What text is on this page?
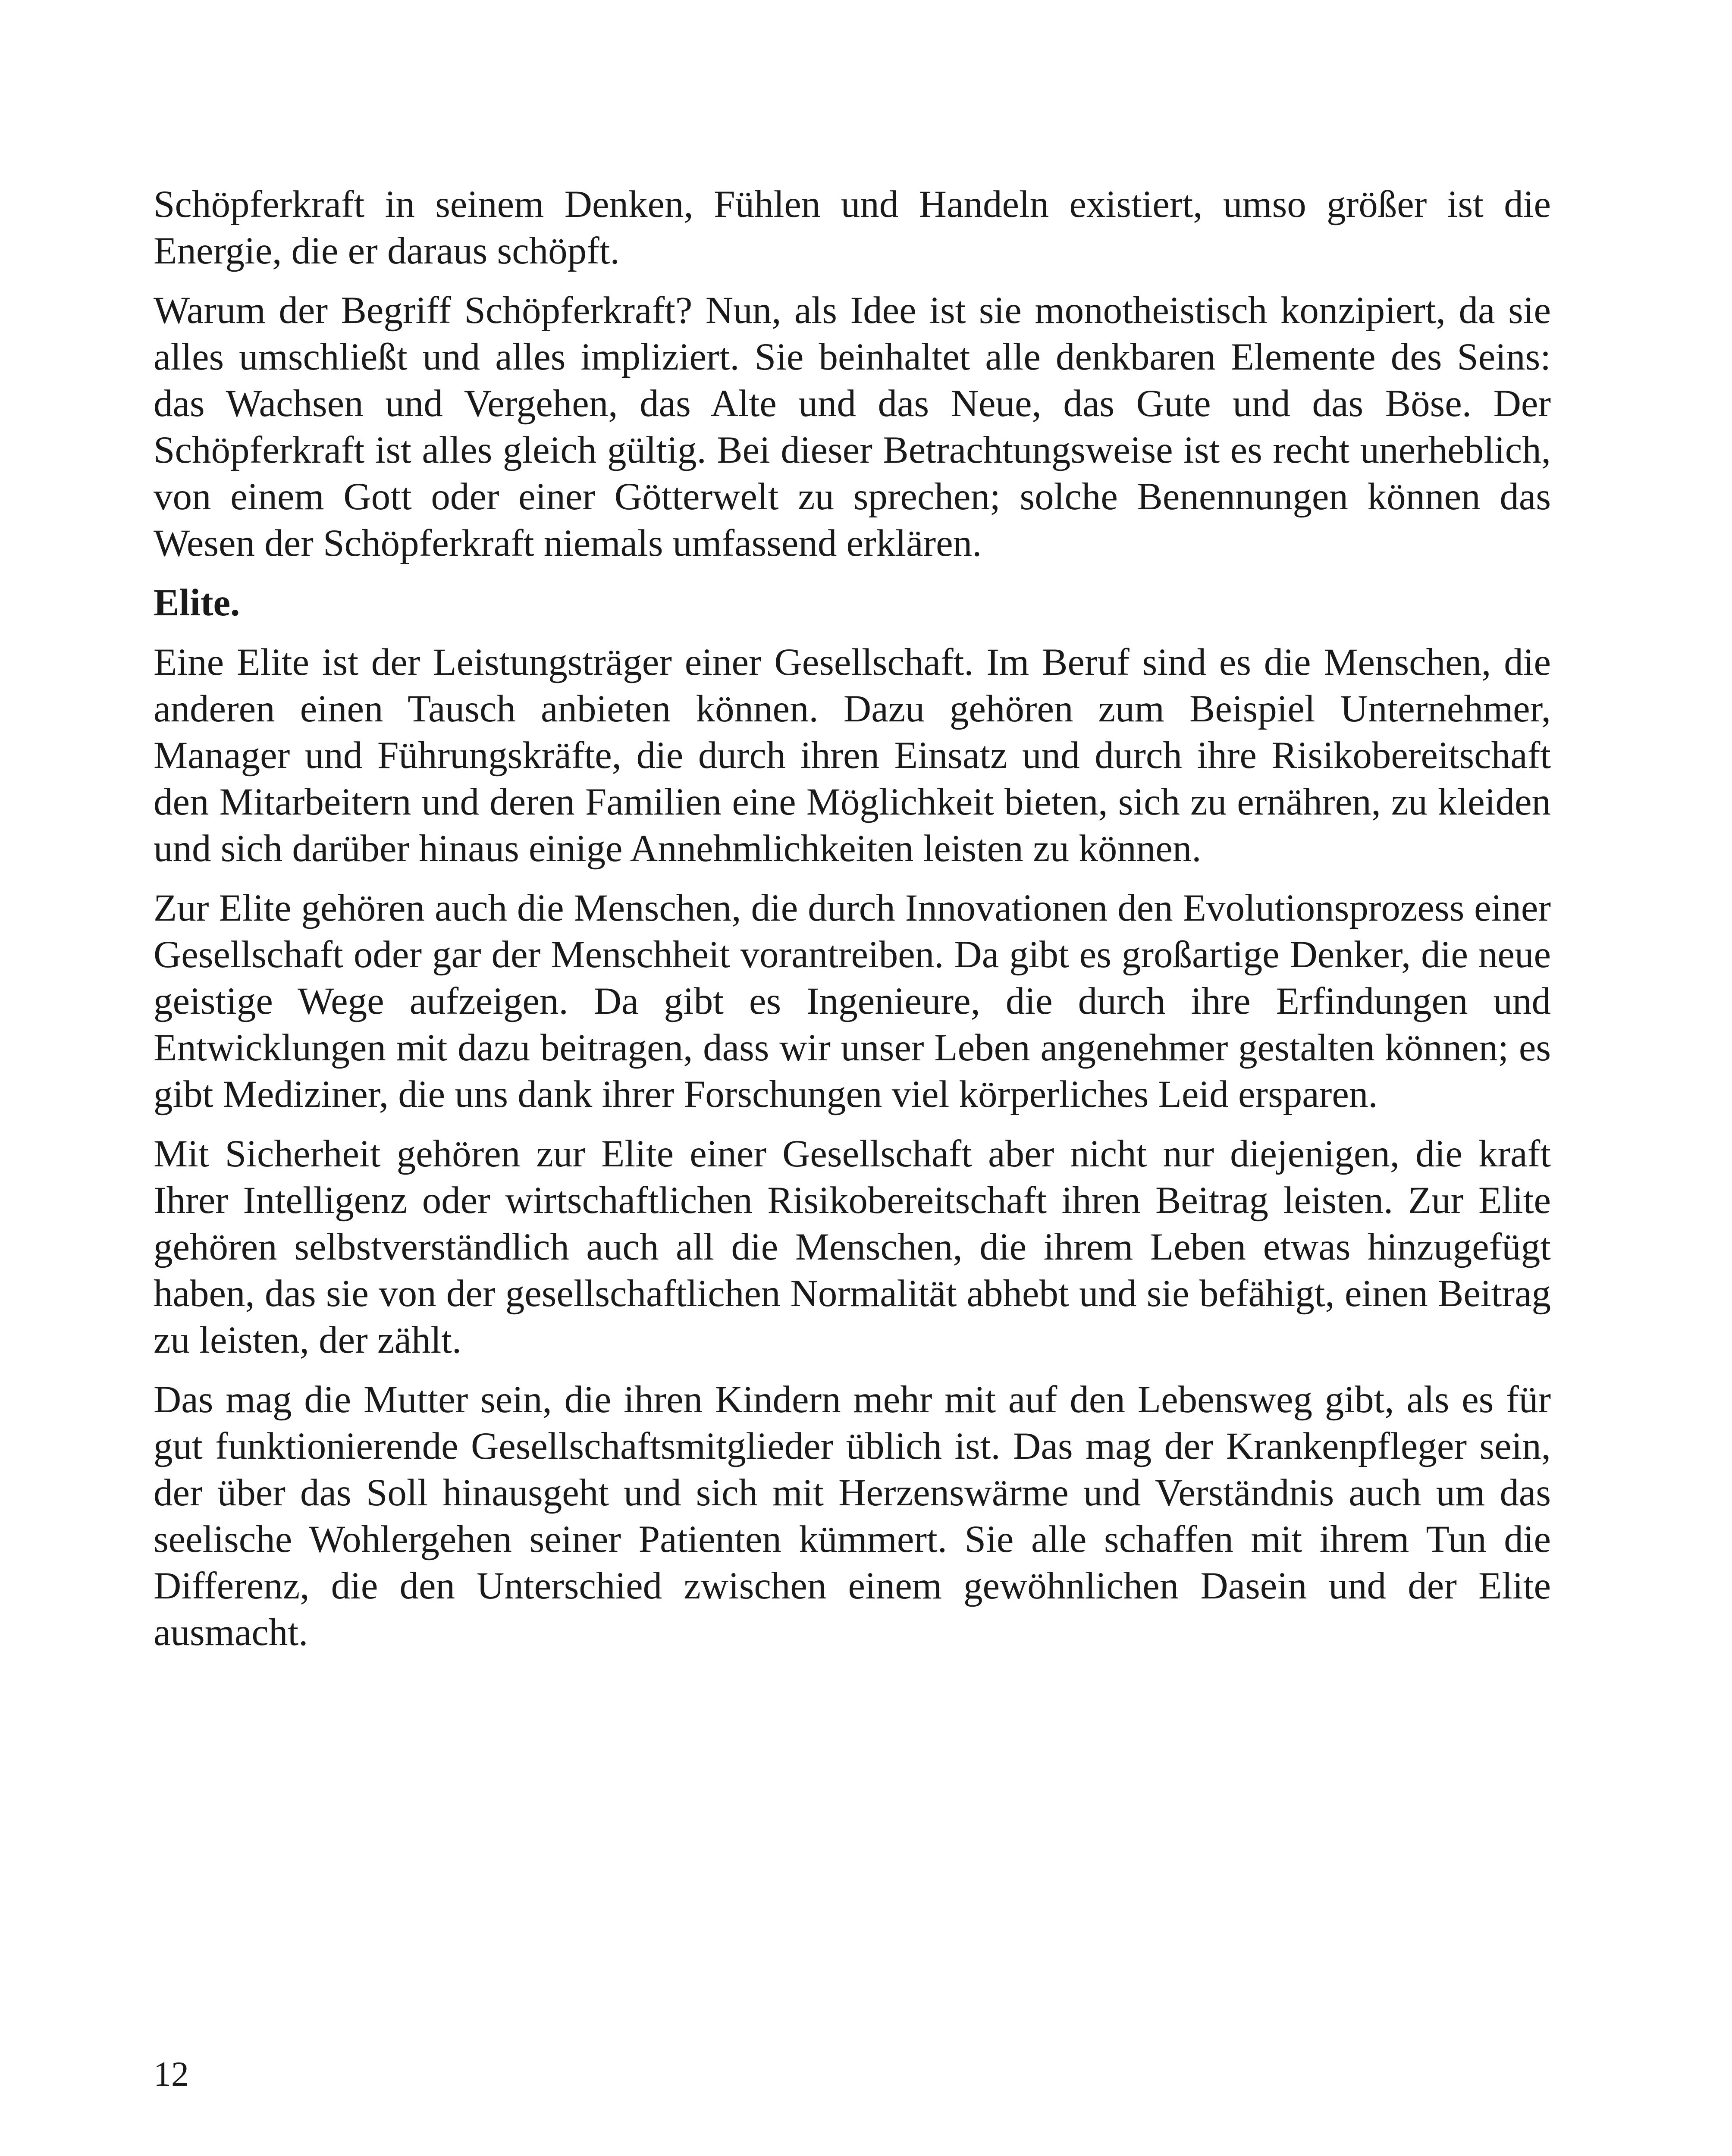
Schöpferkraft in seinem Denken, Fühlen und Handeln existiert, umso größer ist die Energie, die er daraus schöpft.

Warum der Begriff Schöpferkraft? Nun, als Idee ist sie monotheistisch konzipiert, da sie alles umschließt und alles impliziert. Sie beinhaltet alle denkbaren Elemente des Seins: das Wachsen und Vergehen, das Alte und das Neue, das Gute und das Böse. Der Schöpferkraft ist alles gleich gültig. Bei dieser Betrachtungsweise ist es recht unerheblich, von einem Gott oder einer Götterwelt zu sprechen; solche Benennungen können das Wesen der Schöpferkraft niemals umfassend erklären.

Elite.

Eine Elite ist der Leistungsträger einer Gesellschaft. Im Beruf sind es die Menschen, die anderen einen Tausch anbieten können. Dazu gehören zum Beispiel Unternehmer, Manager und Führungskräfte, die durch ihren Einsatz und durch ihre Risikobereitschaft den Mitarbeitern und deren Familien eine Möglichkeit bieten, sich zu ernähren, zu kleiden und sich darüber hinaus einige Annehmlichkeiten leisten zu können.

Zur Elite gehören auch die Menschen, die durch Innovationen den Evolutionsprozess einer Gesellschaft oder gar der Menschheit vorantreiben. Da gibt es großartige Denker, die neue geistige Wege aufzeigen. Da gibt es Ingenieure, die durch ihre Erfindungen und Entwicklungen mit dazu beitragen, dass wir unser Leben angenehmer gestalten können; es gibt Mediziner, die uns dank ihrer Forschungen viel körperliches Leid ersparen.

Mit Sicherheit gehören zur Elite einer Gesellschaft aber nicht nur diejenigen, die kraft Ihrer Intelligenz oder wirtschaftlichen Risikobereitschaft ihren Beitrag leisten. Zur Elite gehören selbstverständlich auch all die Menschen, die ihrem Leben etwas hinzugefügt haben, das sie von der gesellschaftlichen Normalität abhebt und sie befähigt, einen Beitrag zu leisten, der zählt.

Das mag die Mutter sein, die ihren Kindern mehr mit auf den Lebensweg gibt, als es für gut funktionierende Gesellschaftsmitglieder üblich ist. Das mag der Krankenpfleger sein, der über das Soll hinausgeht und sich mit Herzenswärme und Verständnis auch um das seelische Wohlergehen seiner Patienten kümmert. Sie alle schaffen mit ihrem Tun die Differenz, die den Unterschied zwischen einem gewöhnlichen Dasein und der Elite ausmacht.

12
